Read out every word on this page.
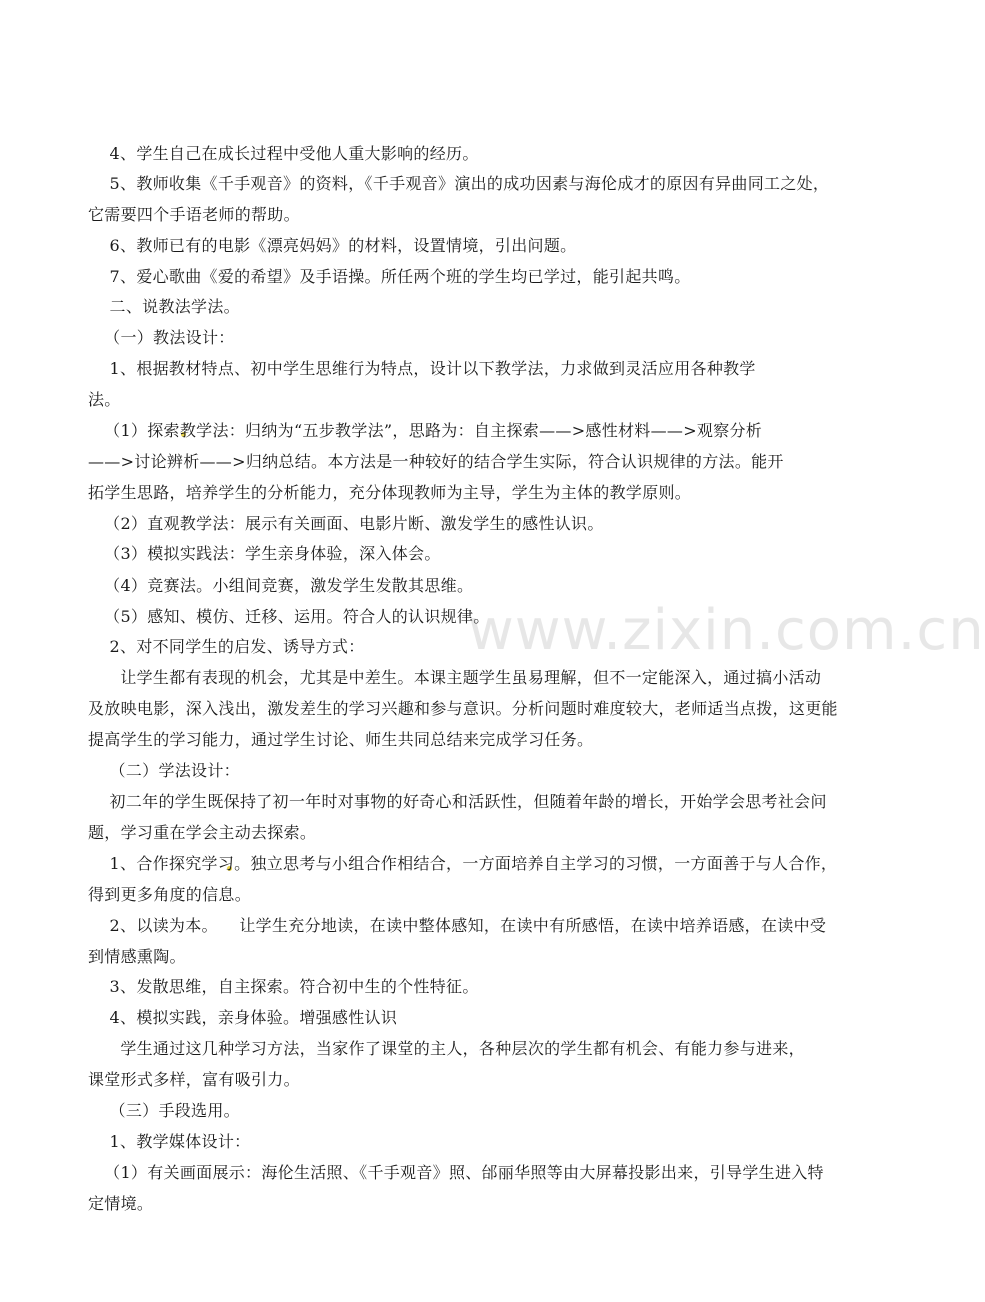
www.zixin.com.cn

4、学生自己在成长过程中受他人重大影响的经历。

5、教师收集《千手观音》的资料，《千手观音》演出的成功因素与海伦成才的原因有异曲同工之处，
它需要四个手语老师的帮助。

6、教师已有的电影《漂亮妈妈》的材料，设置情境，引出问题。

7、爱心歌曲《爱的希望》及手语操。所任两个班的学生均已学过，能引起共鸣。

二、说教法学法。

（一）教法设计：

1、根据教材特点、初中学生思维行为特点，设计以下教学法，力求做到灵活应用各种教学
法。

（1）探索教学法：归纳为“五步教学法”，思路为：自主探索——>感性材料——>观察分析
——>讨论辨析——>归纳总结。本方法是一种较好的结合学生实际，符合认识规律的方法。能开
拓学生思路，培养学生的分析能力，充分体现教师为主导，学生为主体的教学原则。

（2）直观教学法：展示有关画面、电影片断、激发学生的感性认识。

（3）模拟实践法：学生亲身体验，深入体会。

（4）竞赛法。小组间竞赛，激发学生发散其思维。

（5）感知、模仿、迁移、运用。符合人的认识规律。

2、对不同学生的启发、诱导方式：

让学生都有表现的机会，尤其是中差生。本课主题学生虽易理解，但不一定能深入，通过搞小活动
及放映电影，深入浅出，激发差生的学习兴趣和参与意识。分析问题时难度较大，老师适当点拨，这更能
提高学生的学习能力，通过学生讨论、师生共同总结来完成学习任务。

（二）学法设计：

初二年的学生既保持了初一年时对事物的好奇心和活跃性，但随着年龄的增长，开始学会思考社会问
题，学习重在学会主动去探索。

1、合作探究学习。独立思考与小组合作相结合，一方面培养自主学习的习惯，一方面善于与人合作，
得到更多角度的信息。

2、以读为本。    让学生充分地读，在读中整体感知，在读中有所感悟，在读中培养语感，在读中受
到情感熏陶。

3、发散思维，自主探索。符合初中生的个性特征。

4、模拟实践，亲身体验。增强感性认识

学生通过这几种学习方法，当家作了课堂的主人，各种层次的学生都有机会、有能力参与进来，
课堂形式多样，富有吸引力。

（三）手段选用。

1、教学媒体设计：

（1）有关画面展示：海伦生活照、《千手观音》照、邰丽华照等由大屏幕投影出来，引导学生进入特
定情境。
